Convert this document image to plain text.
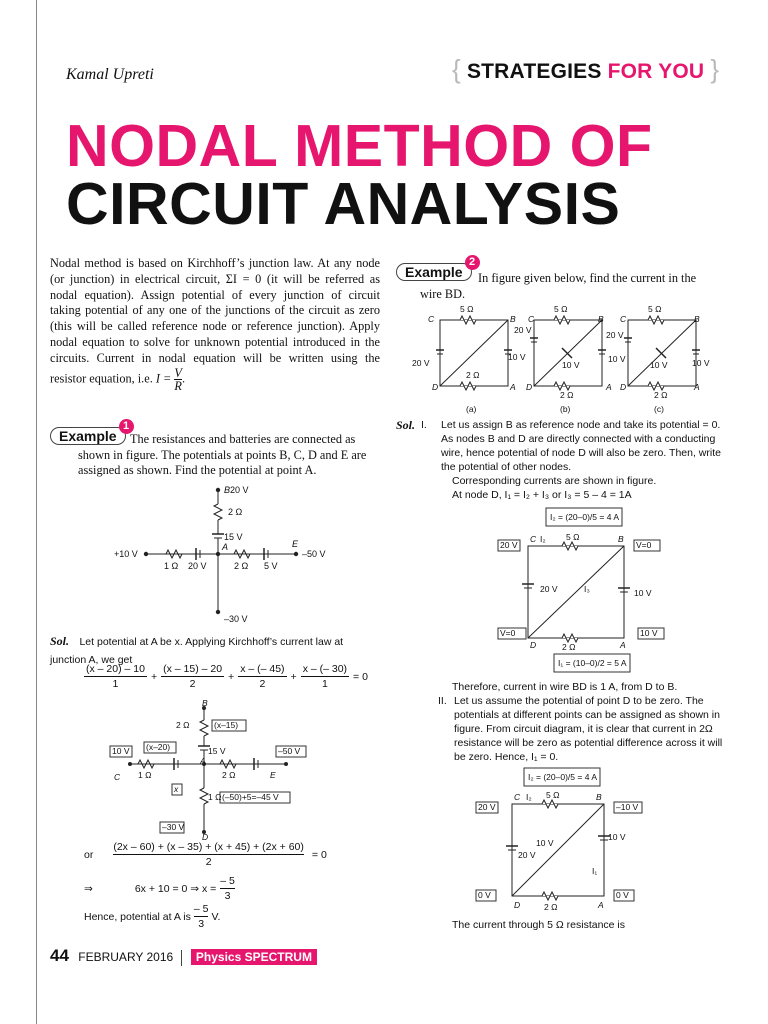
Kamal Upreti	{ STRATEGIES FOR YOU }
NODAL METHOD OF
CIRCUIT ANALYSIS
Nodal method is based on Kirchhoff’s junction law. At any node (or junction) in electrical circuit, ΣI = 0 (it will be referred as nodal equation). Assign potential of every junction of circuit taking potential of any one of the junctions of the circuit as zero (this will be called reference node or reference junction). Apply nodal equation to solve for unknown potential introduced in the circuits. Current in nodal equation will be written using the resistor equation, i.e. $I = \frac{V}{R}$ .
Example
1
The resistances and batteries are connected as shown in figure. The potentials at points B, C, D and E are assigned as shown. Find the potential at point A.
B20 V
2 Ω
15 V
A
+10 V
1 Ω 20 V	2 Ω 5 V
E
–50 V
–30 V
Sol. Let potential at A be x. Applying Kirchhoff’s current law at junction A, we get
(x – 20) – 10
1
+ $\frac{(x - 15) - 20}{2} + \frac{x - (- 45)}{2} + \frac{x - (- 30)}{1} = 0$
B
2 Ω	(x–15)
(x–20)	15 V
A
10 V
1 Ω
C	2 Ω	E
–50 V
x
1 Ω (–50)+5=–45 V
–30 V
D
or $\frac{(2x - 60) + (x - 35) + (x + 45) + (2x + 60)}{2} = 0$
⇒	6x + 10 = 0 ⇒ $x = \frac{- 5}{3}$
Hence, potential at A is
– 5
3
V.
Example
2
In figure given below, find the current in the wire BD.
5 Ω
C	B
20 V
10 V
2 Ω
D	A
(a)
5 Ω
C	B
20 V
10 V
10 V
2 Ω
D	A
(b)
5 Ω
C	B
20 V
10 V	10 V
2 Ω
D	A
(c)
Sol. I.	Let us assign B as reference node and take its potential = 0. As nodes B and D are directly connected with a conducting wire, hence potential of node D will also be zero. Then, write the potential of other nodes.
Corresponding currents are shown in figure.
At node D, I₁ = I₂ + I₃ or I₃ = 5 – 4 = 1A
I₂ = (20–0)/5 = 4 A
20 V
C I₂ 5 Ω	B
V=0
20 V	I₃	10 V
V=0
D	2 Ω	A
10 V
I₁ = (10–0)/2 = 5 A
Therefore, current in wire BD is 1 A, from D to B.
II. Let us assume the potential of point D to be zero. The potentials at different points can be assigned as shown in figure. From circuit diagram, it is clear that current in 2Ω resistance will be zero as potential difference across it will be zero. Hence, I₁ = 0.
I₂ = (20–0)/5 = 4 A
20 V
C I₂ 5 Ω	B
–10 V
20 V
10 V
10 V
I₁
0 V
D	2 Ω	A
0 V
The current through 5 Ω resistance is
44 FEBRUARY 2016 Physics SPECTRUM
